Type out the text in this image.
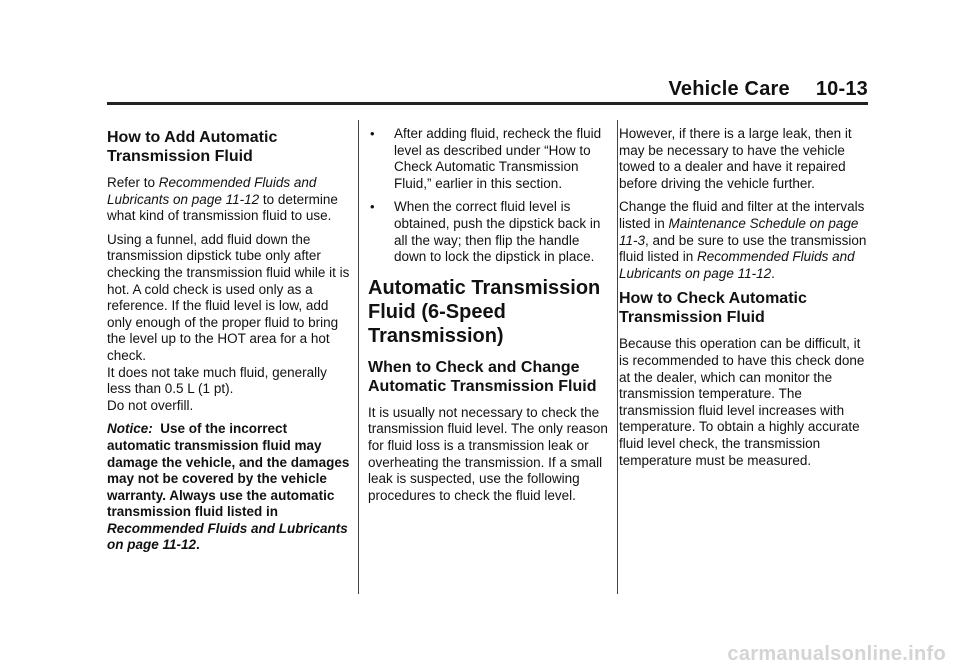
Vehicle Care 10-13
How to Add Automatic Transmission Fluid

Refer to Recommended Fluids and Lubricants on page 11-12 to determine what kind of transmission fluid to use.

Using a funnel, add fluid down the transmission dipstick tube only after checking the transmission fluid while it is hot. A cold check is used only as a reference. If the fluid level is low, add only enough of the proper fluid to bring the level up to the HOT area for a hot check.

It does not take much fluid, generally less than 0.5 L (1 pt).

Do not overfill.

Notice: Use of the incorrect automatic transmission fluid may damage the vehicle, and the damages may not be covered by the vehicle warranty. Always use the automatic transmission fluid listed in Recommended Fluids and Lubricants on page 11-12.

• After adding fluid, recheck the fluid level as described under “How to Check Automatic Transmission Fluid,” earlier in this section.
• When the correct fluid level is obtained, push the dipstick back in all the way; then flip the handle down to lock the dipstick in place.
Automatic Transmission Fluid (6-Speed Transmission)
When to Check and Change Automatic Transmission Fluid

It is usually not necessary to check the transmission fluid level. The only reason for fluid loss is a transmission leak or overheating the transmission. If a small leak is suspected, use the following procedures to check the fluid level.

However, if there is a large leak, then it may be necessary to have the vehicle towed to a dealer and have it repaired before driving the vehicle further.

Change the fluid and filter at the intervals listed in Maintenance Schedule on page 11-3, and be sure to use the transmission fluid listed in Recommended Fluids and Lubricants on page 11-12.

How to Check Automatic Transmission Fluid

Because this operation can be difficult, it is recommended to have this check done at the dealer, which can monitor the transmission temperature. The transmission fluid level increases with temperature. To obtain a highly accurate fluid level check, the transmission temperature must be measured.

carmanualsonline.info
